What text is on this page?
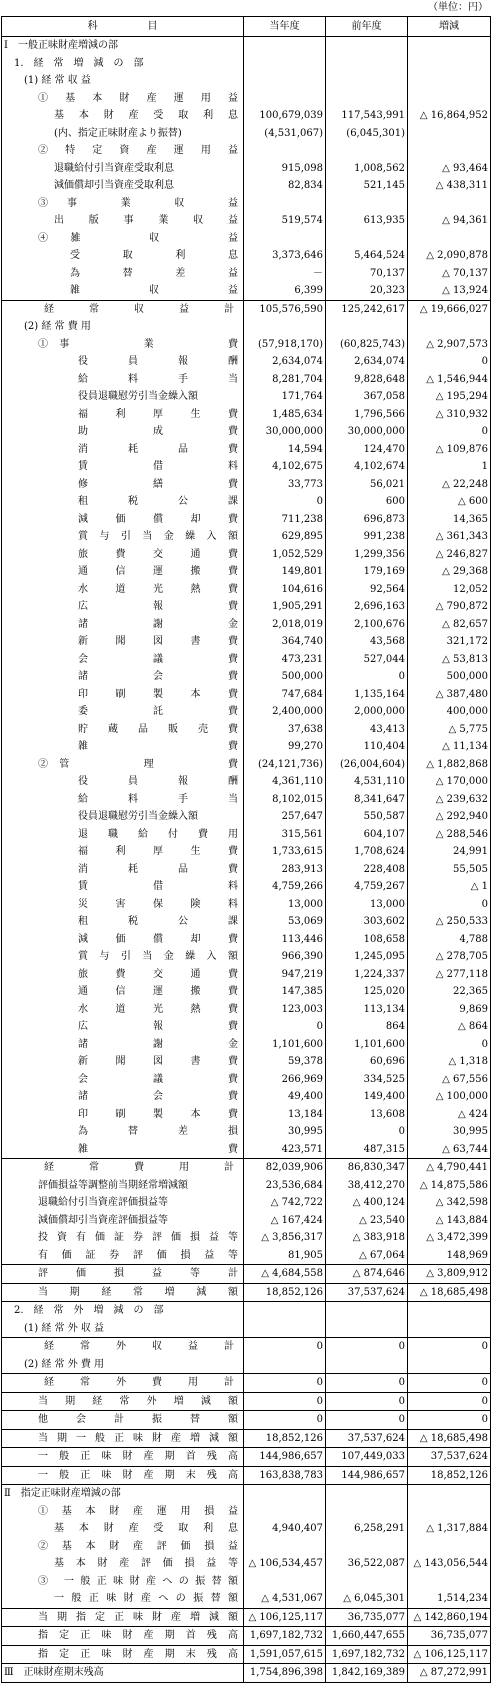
（単位：円）
科　　　　　目	当年度	前年度	増減

Ⅰ　一般正味財産増減の部			

1.　経　常　増　減　の　部			

(1) 経 常 収 益			

① 基 本 財 産 運 用 益			

基 本 財 産 受 取 利 息	100,679,039	117,543,991	△ 16,864,952

(内、指定正味財産より振替)	(4,531,067)	(6,045,301)	

② 特 定 資 産 運 用 益			

退職給付引当資産受取利息	915,098	1,008,562	△ 93,464

減価償却引当資産受取利息	82,834	521,145	△ 438,311

③ 事　　業　　収　　益			

出 版 事 業 収 益	519,574	613,935	△ 94,361

④ 雑　　　収　　　益			

受　　取　　利　　息	3,373,646	5,464,524	△ 2,090,878

為　　替　　差　　益	－	70,137	△ 70,137

雑　　　　　　収　　　　　　益	6,399	20,323	△ 13,924

経　常　収　益　計	105,576,590	125,242,617	△ 19,666,027

(2) 経 常 費 用			

① 事　　　　　業　　　　　費	(57,918,170)	(60,825,743)	△ 2,907,573

役　　員　　報　　酬	2,634,074	2,634,074	0

給　　料　　手　　当	8,281,704	9,828,648	△ 1,546,944

役員退職慰労引当金繰入額	171,764	367,058	△ 195,294

福　利　厚　生　費	1,485,634	1,796,566	△ 310,932

助　　　　成　　　　費	30,000,000	30,000,000	0

消　　耗　　品　　費	14,594	124,470	△ 109,876

賃　　　　借　　　　料	4,102,675	4,102,674	1

修　　　　繕　　　　費	33,773	56,021	△ 22,248

租　　税　　公　　課	0	600	△ 600

減　価　償　却　費	711,238	696,873	14,365

賞 与 引 当 金 繰 入 額	629,895	991,238	△ 361,343

旅　費　交　通　費	1,052,529	1,299,356	△ 246,827

通　信　運　搬　費	149,801	179,169	△ 29,368

水　道　光　熱　費	104,616	92,564	12,052

広　　　　報　　　　費	1,905,291	2,696,163	△ 790,872

諸　　　　謝　　　　金	2,018,019	2,100,676	△ 82,657

新　聞　図　書　費	364,740	43,568	321,172

会　　　　議　　　　費	473,231	527,044	△ 53,813

諸　　　　会　　　　費	500,000	0	500,000

印　刷　製　本　費	747,684	1,135,164	△ 387,480

委　　　　託　　　　費	2,400,000	2,000,000	400,000

貯　蔵　品　販　売　費	37,638	43,413	△ 5,775

雑　　　　　　　　　　　　費	99,270	110,404	△ 11,134

② 管　　　　　理　　　　　費	(24,121,736)	(26,004,604)	△ 1,882,868

役　　員　　報　　酬	4,361,110	4,531,110	△ 170,000

給　　料　　手　　当	8,102,015	8,341,647	△ 239,632

役員退職慰労引当金繰入額	257,647	550,587	△ 292,940

退　職　給　付　費　用	315,561	604,107	△ 288,546

福　利　厚　生　費	1,733,615	1,708,624	24,991

消　　耗　　品　　費	283,913	228,408	55,505

賃　　　　借　　　　料	4,759,266	4,759,267	△ 1

災　害　保　険　料	13,000	13,000	0

租　　税　　公　　課	53,069	303,602	△ 250,533

減　価　償　却　費	113,446	108,658	4,788

賞 与 引 当 金 繰 入 額	966,390	1,245,095	△ 278,705

旅　費　交　通　費	947,219	1,224,337	△ 277,118

通　信　運　搬　費	147,385	125,020	22,365

水　道　光　熱　費	123,003	113,134	9,869

広　　　　報　　　　費	0	864	△ 864

諸　　　　謝　　　　金	1,101,600	1,101,600	0

新　聞　図　書　費	59,378	60,696	△ 1,318

会　　　　議　　　　費	266,969	334,525	△ 67,556

諸　　　　会　　　　費	49,400	149,400	△ 100,000

印　刷　製　本　費	13,184	13,608	△ 424

為　　替　　差　　損	30,995	0	30,995

雑　　　　　　　　　　　　費	423,571	487,315	△ 63,744

経　常　費　用　計	82,039,906	86,830,347	△ 4,790,441

評価損益等調整前当期経常増減額	23,536,684	38,412,270	△ 14,875,586

退職給付引当資産評価損益等	△ 742,722	△ 400,124	△ 342,598

減価償却引当資産評価損益等	△ 167,424	△ 23,540	△ 143,884

投資有価証券評価損益等	△ 3,856,317	△ 383,918	△ 3,472,399

有 価 証 券 評 価 損 益 等	81,905	△ 67,064	148,969

評　価　損　益　等　計	△ 4,684,558	△ 874,646	△ 3,809,912

当　期　経　常　増　減　額	18,852,126	37,537,624	△ 18,685,498

2.　経　常　外　増　減　の　部			

(1) 経 常 外 収 益			

経　常　外　収　益　計	0	0	0

(2) 経 常 外 費 用			

経　常　外　費　用　計	0	0	0

当 期 経 常 外 増 減 額	0	0	0

他　会　計　振　替　額	0	0	0

当期一般正味財産増減額	18,852,126	37,537,624	△ 18,685,498

一 般 正 味 財 産 期 首 残 高	144,986,657	107,449,033	37,537,624

一 般 正 味 財 産 期 末 残 高	163,838,783	144,986,657	18,852,126

Ⅱ　指定正味財産増減の部			

① 基 本 財 産 運 用 損 益			

基 本 財 産 受 取 利 息	4,940,407	6,258,291	△ 1,317,884

② 基 本 財 産 評 価 損 益			

基 本 財 産 評 価 損 益 等	△ 106,534,457	36,522,087	△ 143,056,544

③ 一般正味財産への振替額			

一般正味財産への振替額	△ 4,531,067	△ 6,045,301	1,514,234

当期指定正味財産増減額	△ 106,125,117	36,735,077	△ 142,860,194

指 定 正 味 財 産 期 首 残 高	1,697,182,732	1,660,447,655	36,735,077

指 定 正 味 財 産 期 末 残 高	1,591,057,615	1,697,182,732	△ 106,125,117

Ⅲ　正味財産期末残高	1,754,896,398	1,842,169,389	△ 87,272,991
